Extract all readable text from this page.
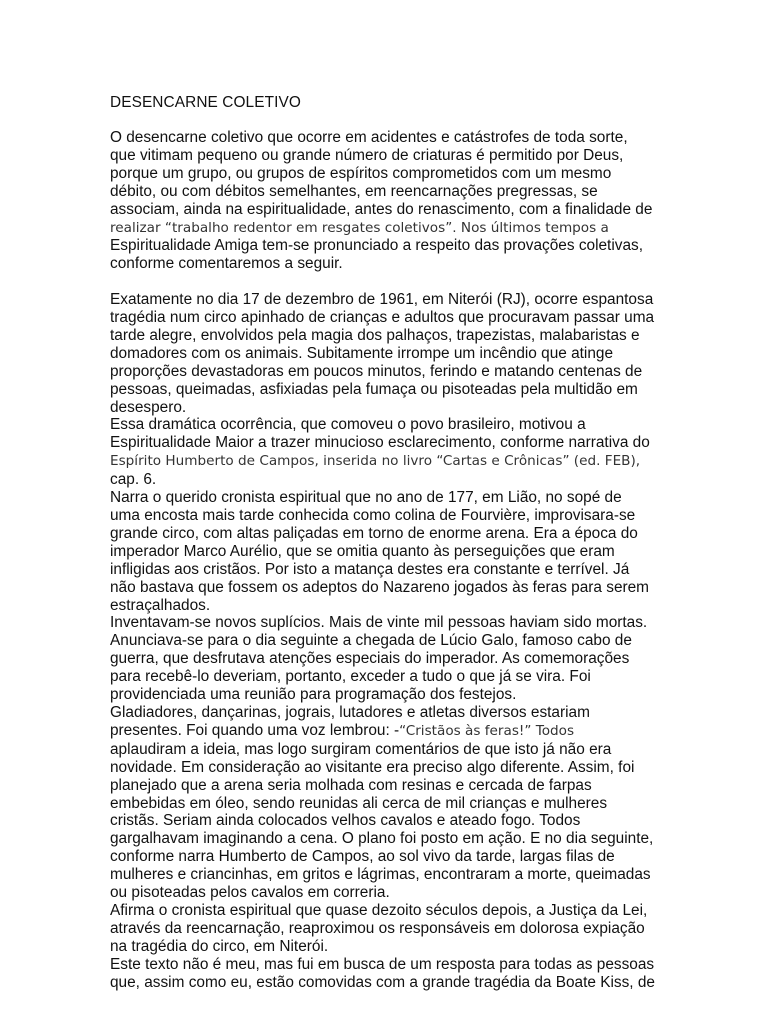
DESENCARNE COLETIVO

O desencarne coletivo que ocorre em acidentes e catástrofes de toda sorte,
que vitimam pequeno ou grande número de criaturas é permitido por Deus,
porque um grupo, ou grupos de espíritos comprometidos com um mesmo
débito, ou com débitos semelhantes, em reencarnações pregressas, se
associam, ainda na espiritualidade, antes do renascimento, com a finalidade de
realizar “trabalho redentor em resgates coletivos”. Nos últimos tempos a
Espiritualidade Amiga tem-se pronunciado a respeito das provações coletivas,
conforme comentaremos a seguir.

Exatamente no dia 17 de dezembro de 1961, em Niterói (RJ), ocorre espantosa
tragédia num circo apinhado de crianças e adultos que procuravam passar uma
tarde alegre, envolvidos pela magia dos palhaços, trapezistas, malabaristas e
domadores com os animais. Subitamente irrompe um incêndio que atinge
proporções devastadoras em poucos minutos, ferindo e matando centenas de
pessoas, queimadas, asfixiadas pela fumaça ou pisoteadas pela multidão em
desespero.

Essa dramática ocorrência, que comoveu o povo brasileiro, motivou a
Espiritualidade Maior a trazer minucioso esclarecimento, conforme narrativa do
Espírito Humberto de Campos, inserida no livro “Cartas e Crônicas” (ed. FEB),
cap. 6.

Narra o querido cronista espiritual que no ano de 177, em Lião, no sopé de
uma encosta mais tarde conhecida como colina de Fourvière, improvisara-se
grande circo, com altas paliçadas em torno de enorme arena. Era a época do
imperador Marco Aurélio, que se omitia quanto às perseguições que eram
infligidas aos cristãos. Por isto a matança destes era constante e terrível. Já
não bastava que fossem os adeptos do Nazareno jogados às feras para serem
estraçalhados.

Inventavam-se novos suplícios. Mais de vinte mil pessoas haviam sido mortas.
Anunciava-se para o dia seguinte a chegada de Lúcio Galo, famoso cabo de
guerra, que desfrutava atenções especiais do imperador. As comemorações
para recebê-lo deveriam, portanto, exceder a tudo o que já se vira. Foi
providenciada uma reunião para programação dos festejos.

Gladiadores, dançarinas, jograis, lutadores e atletas diversos estariam
presentes. Foi quando uma voz lembrou: -“Cristãos às feras!” Todos
aplaudiram a ideia, mas logo surgiram comentários de que isto já não era
novidade. Em consideração ao visitante era preciso algo diferente. Assim, foi
planejado que a arena seria molhada com resinas e cercada de farpas
embebidas em óleo, sendo reunidas ali cerca de mil crianças e mulheres
cristãs. Seriam ainda colocados velhos cavalos e ateado fogo. Todos
gargalhavam imaginando a cena. O plano foi posto em ação. E no dia seguinte,
conforme narra Humberto de Campos, ao sol vivo da tarde, largas filas de
mulheres e criancinhas, em gritos e lágrimas, encontraram a morte, queimadas
ou pisoteadas pelos cavalos em correria.

Afirma o cronista espiritual que quase dezoito séculos depois, a Justiça da Lei,
através da reencarnação, reaproximou os responsáveis em dolorosa expiação
na tragédia do circo, em Niterói.

Este texto não é meu, mas fui em busca de um resposta para todas as pessoas
que, assim como eu, estão comovidas com a grande tragédia da Boate Kiss, de
